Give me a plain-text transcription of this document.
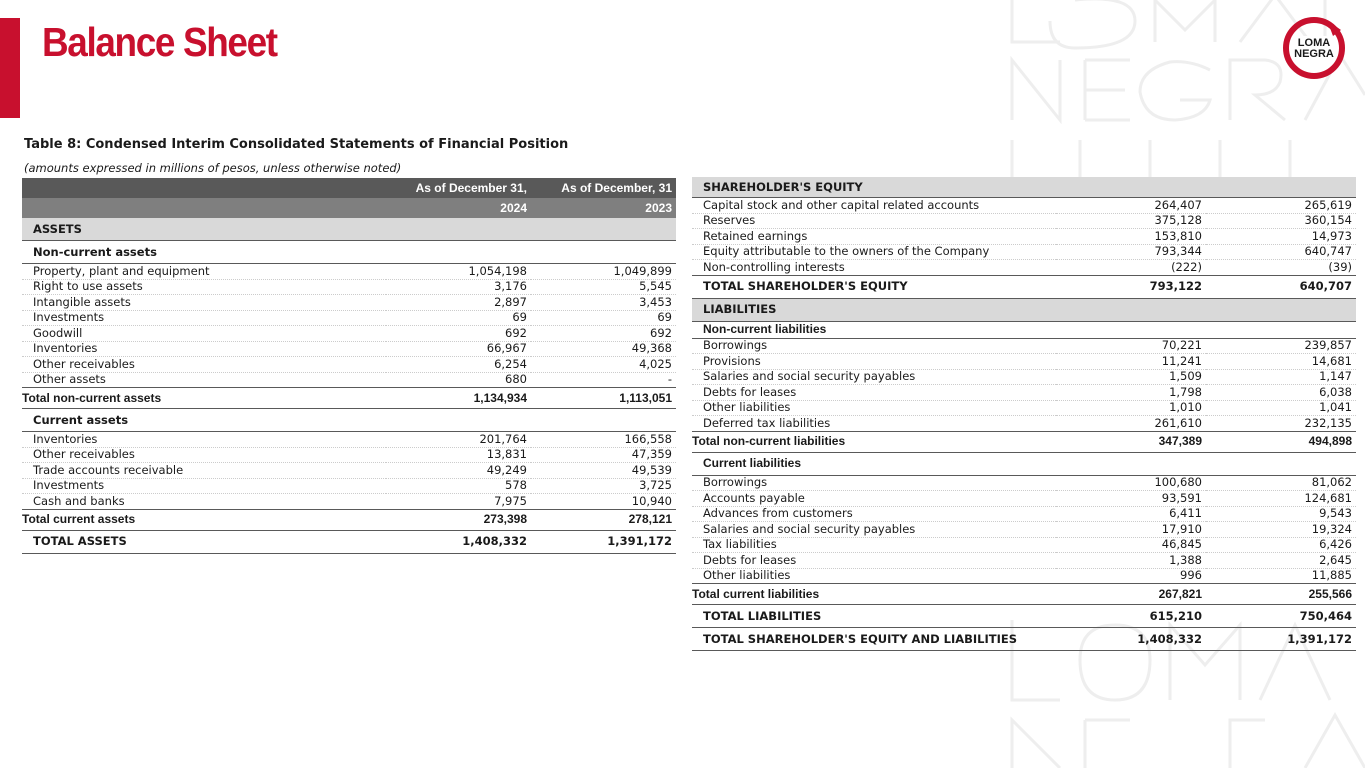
Balance Sheet	LOMA
NEGRA
Table 8: Condensed Interim Consolidated Statements of Financial Position
(amounts expressed in millions of pesos, unless otherwise noted)
	As of December 31,	As of December, 31
	2024	2023
ASSETS		
Non-current assets		
Property, plant and equipment	1,054,198	1,049,899
Right to use assets	3,176	5,545
Intangible assets	2,897	3,453
Investments	69	69
Goodwill	692	692
Inventories	66,967	49,368
Other receivables	6,254	4,025
Other assets	680	-
Total non-current assets	1,134,934	1,113,051
Current assets		
Inventories	201,764	166,558
Other receivables	13,831	47,359
Trade accounts receivable	49,249	49,539
Investments	578	3,725
Cash and banks	7,975	10,940
Total current assets	273,398	278,121
TOTAL ASSETS	1,408,332	1,391,172
SHAREHOLDER'S EQUITY		
Capital stock and other capital related accounts	264,407	265,619
Reserves	375,128	360,154
Retained earnings	153,810	14,973
Equity attributable to the owners of the Company	793,344	640,747
Non-controlling interests	(222)	(39)
TOTAL SHAREHOLDER'S EQUITY	793,122	640,707
LIABILITIES		
Non-current liabilities		
Borrowings	70,221	239,857
Provisions	11,241	14,681
Salaries and social security payables	1,509	1,147
Debts for leases	1,798	6,038
Other liabilities	1,010	1,041
Deferred tax liabilities	261,610	232,135
Total non-current liabilities	347,389	494,898
Current liabilities		
Borrowings	100,680	81,062
Accounts payable	93,591	124,681
Advances from customers	6,411	9,543
Salaries and social security payables	17,910	19,324
Tax liabilities	46,845	6,426
Debts for leases	1,388	2,645
Other liabilities	996	11,885
Total current liabilities	267,821	255,566
TOTAL LIABILITIES	615,210	750,464
TOTAL SHAREHOLDER'S EQUITY AND LIABILITIES	1,408,332	1,391,172
